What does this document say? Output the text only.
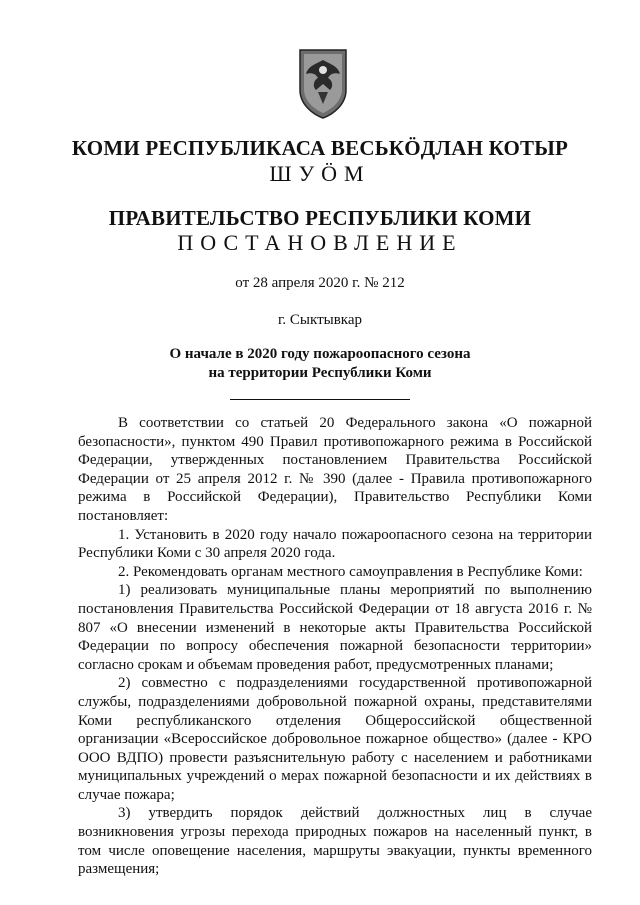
КОМИ РЕСПУБЛИКАСА ВЕСЬКÖДЛАН КОТЫР
ШУÖМ
ПРАВИТЕЛЬСТВО РЕСПУБЛИКИ КОМИ
ПОСТАНОВЛЕНИЕ
от 28 апреля 2020 г. № 212
г. Сыктывкар
О начале в 2020 году пожароопасного сезона
на территории Республики Коми

В соответствии со статьей 20 Федерального закона «О пожарной безопасности», пунктом 490 Правил противопожарного режима в Российской Федерации, утвержденных постановлением Правительства Российской Федерации от 25 апреля 2012 г. № 390 (далее - Правила противопожарного режима в Российской Федерации), Правительство Республики Коми постановляет:

1. Установить в 2020 году начало пожароопасного сезона на территории Республики Коми с 30 апреля 2020 года.

2. Рекомендовать органам местного самоуправления в Республике Коми:

1) реализовать муниципальные планы мероприятий по выполнению постановления Правительства Российской Федерации от 18 августа 2016 г. № 807 «О внесении изменений в некоторые акты Правительства Российской Федерации по вопросу обеспечения пожарной безопасности территории» согласно срокам и объемам проведения работ, предусмотренных планами;

2) совместно с подразделениями государственной противопожарной службы, подразделениями добровольной пожарной охраны, представителями Коми республиканского отделения Общероссийской общественной организации «Всероссийское добровольное пожарное общество» (далее - КРО ООО ВДПО) провести разъяснительную работу с населением и работниками муниципальных учреждений о мерах пожарной безопасности и их действиях в случае пожара;

3) утвердить порядок действий должностных лиц в случае возникновения угрозы перехода природных пожаров на населенный пункт, в том числе оповещение населения, маршруты эвакуации, пункты временного размещения;
